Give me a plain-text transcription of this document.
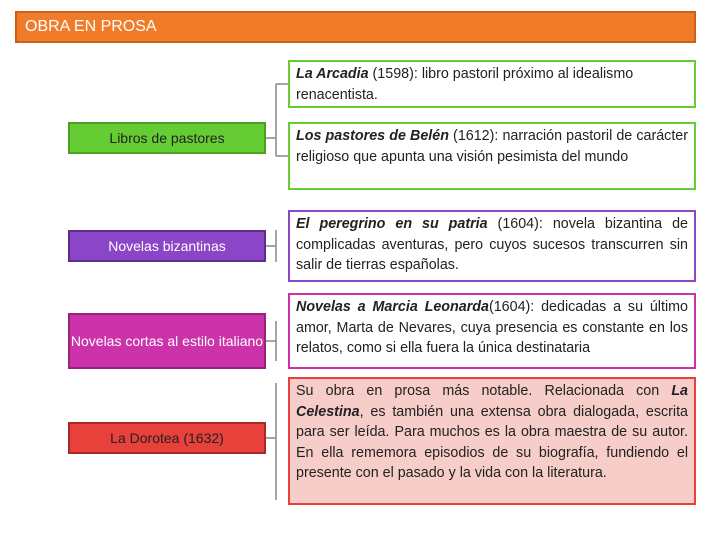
OBRA EN PROSA
Libros de pastores
Novelas bizantinas
Novelas cortas al estilo italiano
La Dorotea (1632)
La Arcadia (1598): libro pastoril próximo al idealismo renacentista.
Los pastores de Belén (1612): narración pastoril de carácter religioso que apunta una visión pesimista del mundo
El peregrino en su patria (1604): novela bizantina de complicadas aventuras, pero cuyos sucesos transcurren sin salir de tierras españolas.
Novelas a Marcia Leonarda(1604): dedicadas a su último amor, Marta de Nevares, cuya presencia es constante en los relatos, como si ella fuera la única destinataria
Su obra en prosa más notable. Relacionada con La Celestina, es también una extensa obra dialogada, escrita para ser leída. Para muchos es la obra maestra de su autor. En ella rememora episodios de su biografía, fundiendo el presente con el pasado y la vida con la literatura.
